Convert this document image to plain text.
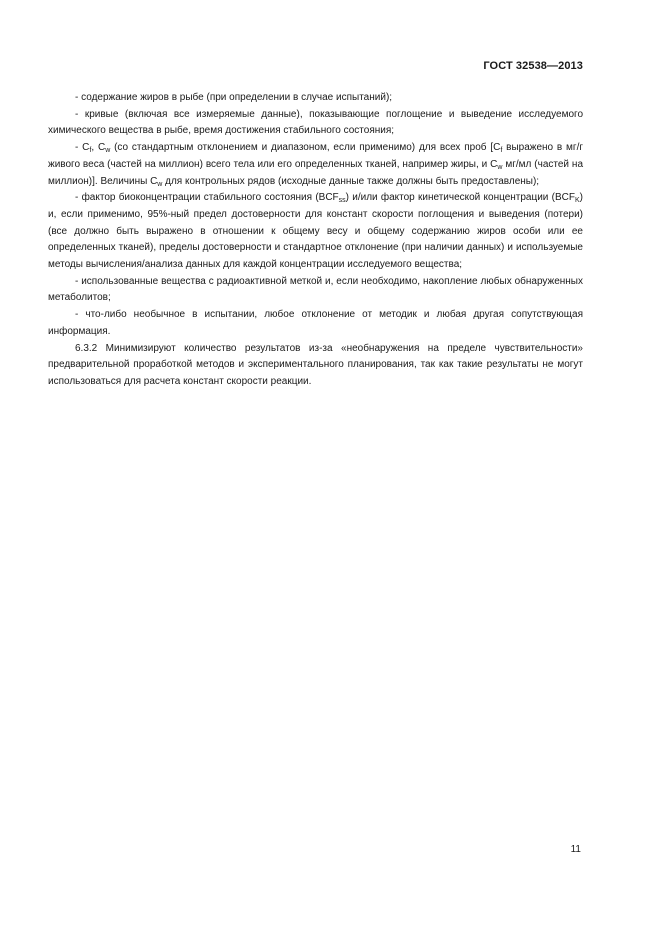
ГОСТ 32538—2013

- содержание жиров в рыбе (при определении в случае испытаний);

- кривые (включая все измеряемые данные), показывающие поглощение и выведение исследуемого химического вещества в рыбе, время достижения стабильного состояния;

- $C_f$, $C_w$ (со стандартным отклонением и диапазоном, если применимо) для всех проб [$C_f$ выражено в мг/г живого веса (частей на миллион) всего тела или его определенных тканей, например жиры, и $C_w$ мг/мл (частей на миллион)]. Величины $C_w$ для контрольных рядов (исходные данные также должны быть предоставлены);

- фактор биоконцентрации стабильного состояния $(BCF_{ss})$ и/или фактор кинетической концентрации $(BCF_K)$ и, если применимо, 95%-ный предел достоверности для констант скорости поглощения и выведения (потери) (все должно быть выражено в отношении к общему весу и общему содержанию жиров особи или ее определенных тканей), пределы достоверности и стандартное отклонение (при наличии данных) и используемые методы вычисления/анализа данных для каждой концентрации исследуемого вещества;

- использованные вещества с радиоактивной меткой и, если необходимо, накопление любых обнаруженных метаболитов;

- что-либо необычное в испытании, любое отклонение от методик и любая другая сопутствующая информация.

6.3.2 Минимизируют количество результатов из-за «необнаружения на пределе чувствительности» предварительной проработкой методов и экспериментального планирования, так как такие результаты не могут использоваться для расчета констант скорости реакции.

11
